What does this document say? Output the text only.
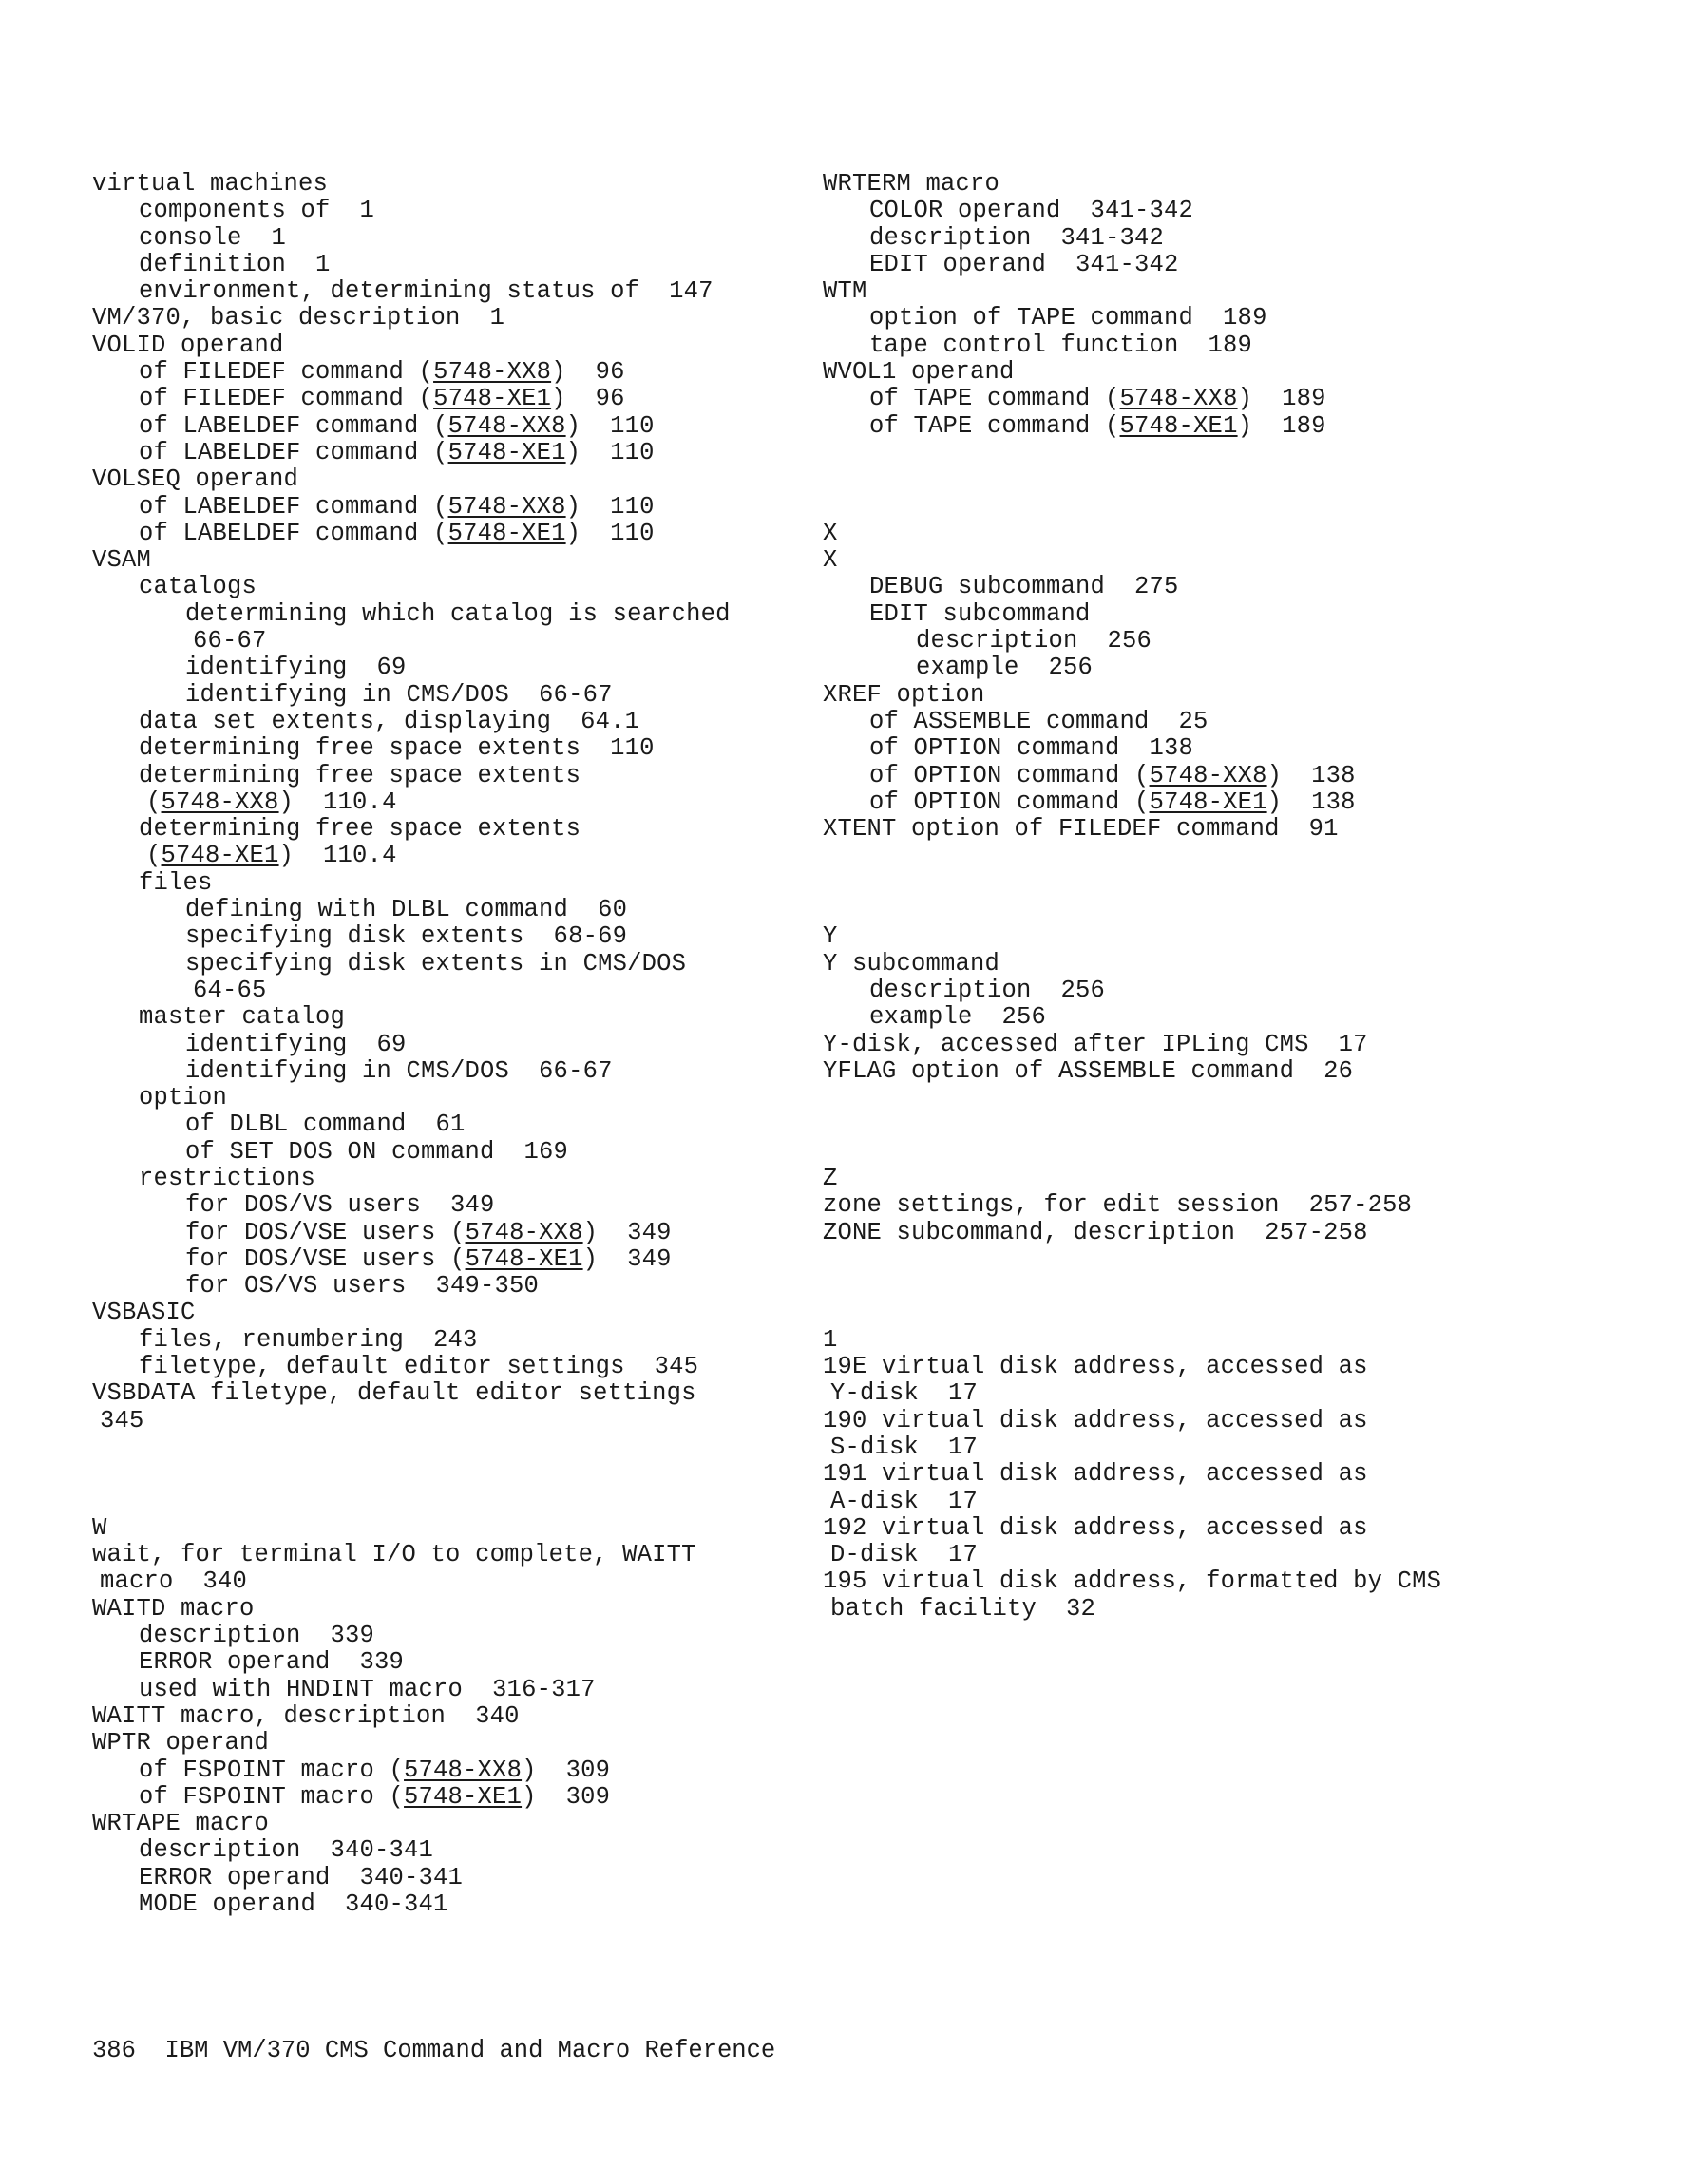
virtual machines
components of  1
console  1
definition  1
environment, determining status of  147
VM/370, basic description  1
VOLID operand
of FILEDEF command (5748-XX8)  96
of FILEDEF command (5748-XE1)  96
of LABELDEF command (5748-XX8)  110
of LABELDEF command (5748-XE1)  110
VOLSEQ operand
of LABELDEF command (5748-XX8)  110
of LABELDEF command (5748-XE1)  110
VSAM
catalogs
determining which catalog is searched
66-67
identifying  69
identifying in CMS/DOS  66-67
data set extents, displaying  64.1
determining free space extents  110
determining free space extents
(5748-XX8)  110.4
determining free space extents
(5748-XE1)  110.4
files
defining with DLBL command  60
specifying disk extents  68-69
specifying disk extents in CMS/DOS
64-65
master catalog
identifying  69
identifying in CMS/DOS  66-67
option
of DLBL command  61
of SET DOS ON command  169
restrictions
for DOS/VS users  349
for DOS/VSE users (5748-XX8)  349
for DOS/VSE users (5748-XE1)  349
for OS/VS users  349-350
VSBASIC
files, renumbering  243
filetype, default editor settings  345
VSBDATA filetype, default editor settings
345
W
wait, for terminal I/O to complete, WAITT
macro  340
WAITD macro
description  339
ERROR operand  339
used with HNDINT macro  316-317
WAITT macro, description  340
WPTR operand
of FSPOINT macro (5748-XX8)  309
of FSPOINT macro (5748-XE1)  309
WRTAPE macro
description  340-341
ERROR operand  340-341
MODE operand  340-341
WRTERM macro
COLOR operand  341-342
description  341-342
EDIT operand  341-342
WTM
option of TAPE command  189
tape control function  189
WVOL1 operand
of TAPE command (5748-XX8)  189
of TAPE command (5748-XE1)  189
X
X
DEBUG subcommand  275
EDIT subcommand
description  256
example  256
XREF option
of ASSEMBLE command  25
of OPTION command  138
of OPTION command (5748-XX8)  138
of OPTION command (5748-XE1)  138
XTENT option of FILEDEF command  91
Y
Y subcommand
description  256
example  256
Y-disk, accessed after IPLing CMS  17
YFLAG option of ASSEMBLE command  26
Z
zone settings, for edit session  257-258
ZONE subcommand, description  257-258
1
19E virtual disk address, accessed as
Y-disk  17
190 virtual disk address, accessed as
S-disk  17
191 virtual disk address, accessed as
A-disk  17
192 virtual disk address, accessed as
D-disk  17
195 virtual disk address, formatted by CMS
batch facility  32
386  IBM VM/370 CMS Command and Macro Reference
